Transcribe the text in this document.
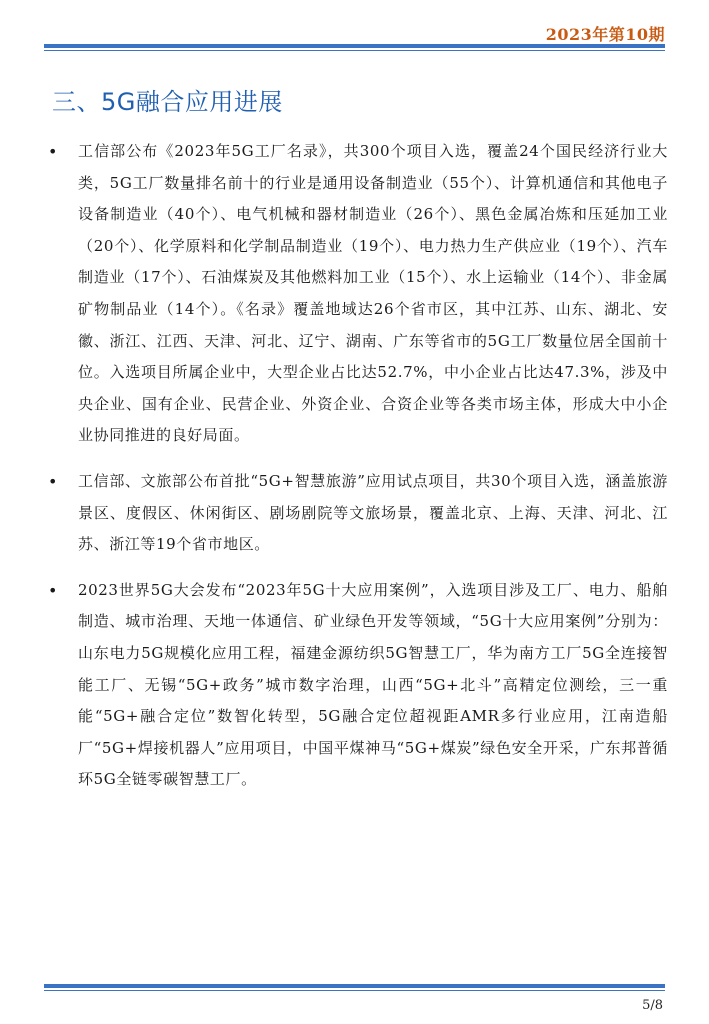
2023年第10期
三、5G融合应用进展
• 工信部公布《2023年5G工厂名录》，共300个项目入选，覆盖24个国民经济行业大类，5G工厂数量排名前十的行业是通用设备制造业（55个）、计算机通信和其他电子设备制造业（40个）、电气机械和器材制造业（26个）、黑色金属冶炼和压延加工业（20个）、化学原料和化学制品制造业（19个）、电力热力生产供应业（19个）、汽车制造业（17个）、石油煤炭及其他燃料加工业（15个）、水上运输业（14个）、非金属矿物制品业（14个）。《名录》覆盖地域达26个省市区，其中江苏、山东、湖北、安徽、浙江、江西、天津、河北、辽宁、湖南、广东等省市的5G工厂数量位居全国前十位。入选项目所属企业中，大型企业占比达52.7%，中小企业占比达47.3%，涉及中央企业、国有企业、民营企业、外资企业、合资企业等各类市场主体，形成大中小企业协同推进的良好局面。
• 工信部、文旅部公布首批“5G+智慧旅游”应用试点项目，共30个项目入选，涵盖旅游景区、度假区、休闲街区、剧场剧院等文旅场景，覆盖北京、上海、天津、河北、江苏、浙江等19个省市地区。
• 2023世界5G大会发布“2023年5G十大应用案例”，入选项目涉及工厂、电力、船舶制造、城市治理、天地一体通信、矿业绿色开发等领域，“5G十大应用案例”分别为：山东电力5G规模化应用工程，福建金源纺织5G智慧工厂，华为南方工厂5G全连接智能工厂、无锡“5G+政务”城市数字治理，山西“5G+北斗”高精定位测绘，三一重能“5G+融合定位”数智化转型，5G融合定位超视距AMR多行业应用，江南造船厂“5G+焊接机器人”应用项目，中国平煤神马“5G+煤炭”绿色安全开采，广东邦普循环5G全链零碳智慧工厂。
5/8
